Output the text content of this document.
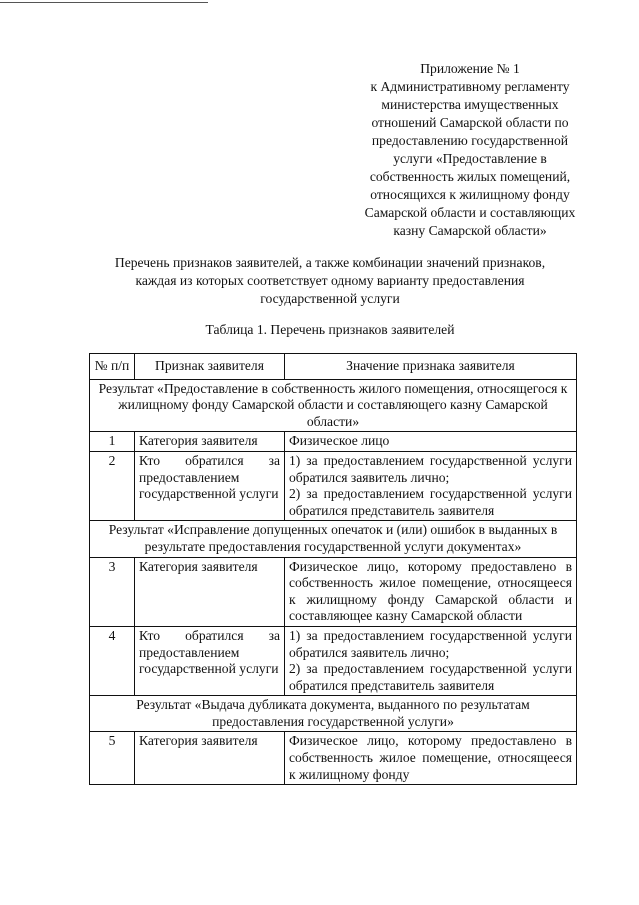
Приложение № 1
к Административному регламенту
министерства имущественных
отношений Самарской области по
предоставлению государственной
услуги «Предоставление в
собственность жилых помещений,
относящихся к жилищному фонду
Самарской области и составляющих
казну Самарской области»
Перечень признаков заявителей, а также комбинации значений признаков,
каждая из которых соответствует одному варианту предоставления
государственной услуги
Таблица 1. Перечень признаков заявителей
№ п/п	Признак заявителя	Значение признака заявителя
Результат «Предоставление в собственность жилого помещения, относящегося к жилищному фонду Самарской области и составляющего казну Самарской области»		
1	Категория заявителя	Физическое лицо
2	Кто обратился за предоставлением государственной услуги	1) за предоставлением государственной услуги обратился заявитель лично;
2) за предоставлением государственной услуги обратился представитель заявителя
Результат «Исправление допущенных опечаток и (или) ошибок в выданных в результате предоставления государственной услуги документах»		
3	Категория заявителя	Физическое лицо, которому предоставлено в собственность жилое помещение, относящееся к жилищному фонду Самарской области и составляющее казну Самарской области
4	Кто обратился за предоставлением государственной услуги	1) за предоставлением государственной услуги обратился заявитель лично;
2) за предоставлением государственной услуги обратился представитель заявителя
Результат «Выдача дубликата документа, выданного по результатам предоставления государственной услуги»		
5	Категория заявителя	Физическое лицо, которому предоставлено в собственность жилое помещение, относящееся к жилищному фонду
